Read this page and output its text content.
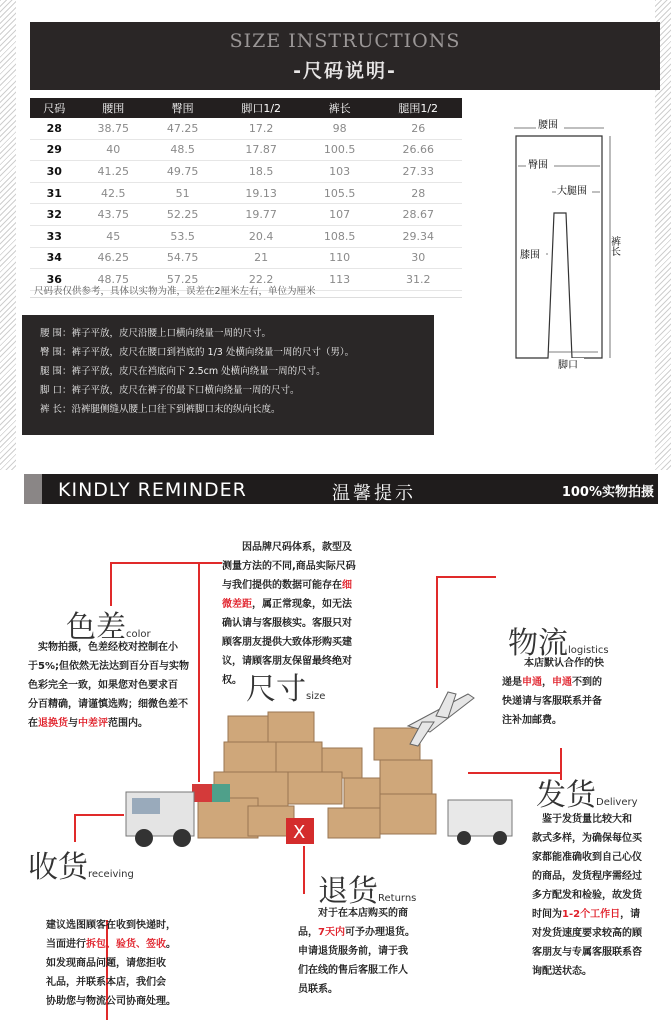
SIZE INSTRUCTIONS
-尺码说明-
尺码	腰围	臀围	脚口1/2	裤长	腿围1/2
28	38.75	47.25	17.2	98	26
29	40	48.5	17.87	100.5	26.66
30	41.25	49.75	18.5	103	27.33
31	42.5	51	19.13	105.5	28
32	43.75	52.25	19.77	107	28.67
33	45	53.5	20.4	108.5	29.34
34	46.25	54.75	21	110	30
36	48.75	57.25	22.2	113	31.2
尺码表仅供参考，具体以实物为准，误差在2厘米左右，单位为厘米
腰 围：裤子平放，皮尺沿腰上口横向绕量一周的尺寸。
臀 围：裤子平放，皮尺在腰口到裆底的 1/3 处横向绕量一周的尺寸（男）。
腿 围：裤子平放，皮尺在裆底向下 2.5cm 处横向绕量一周的尺寸。
脚 口：裤子平放，皮尺在裤子的最下口横向绕量一周的尺寸。
裤 长：沿裤腿侧缝从腰上口往下到裤脚口末的纵向长度。
腰围
臀围
大腿围
膝围
脚口
裤长
KINDLY REMINDER	温馨提示	100%实物拍摄
因品牌尺码体系，款型及
测量方法的不同,商品实际尺码
与我们提供的数据可能存在细
微差距，属正常现象，如无法
确认请与客服核实。客服只对
顾客朋友提供大致体形购买建
议，请顾客朋友保留最终绝对
权。 尺寸size
色差color
实物拍摄，色差经校对控制在小
于5%;但依然无法达到百分百与实物
色彩完全一致，如果您对色要求百
分百精确，请谨慎选购；细微色差不
在退换货与中差评范围内。
物流logistics
本店默认合作的快
递是申通，申通不到的
快递请与客服联系并备
注补加邮费。
X
发货Delivery
鉴于发货量比较大和
款式多样，为确保每位买
家都能准确收到自己心仪
的商品，发货程序需经过
多方配发和检验，故发货
时间为1-2个工作日，请
对发货速度要求较高的顾
客朋友与专属客服联系咨
询配送状态。
收货receiving
建议选图顾客在收到快递时，
当面进行拆包、验货、签收。
如发现商品问题，请您拒收
礼品，并联系本店，我们会
协助您与物流公司协商处理。
退货Returns
对于在本店购买的商
品，7天内可予办理退货。
申请退货服务前，请于我
们在线的售后客服工作人
员联系。
